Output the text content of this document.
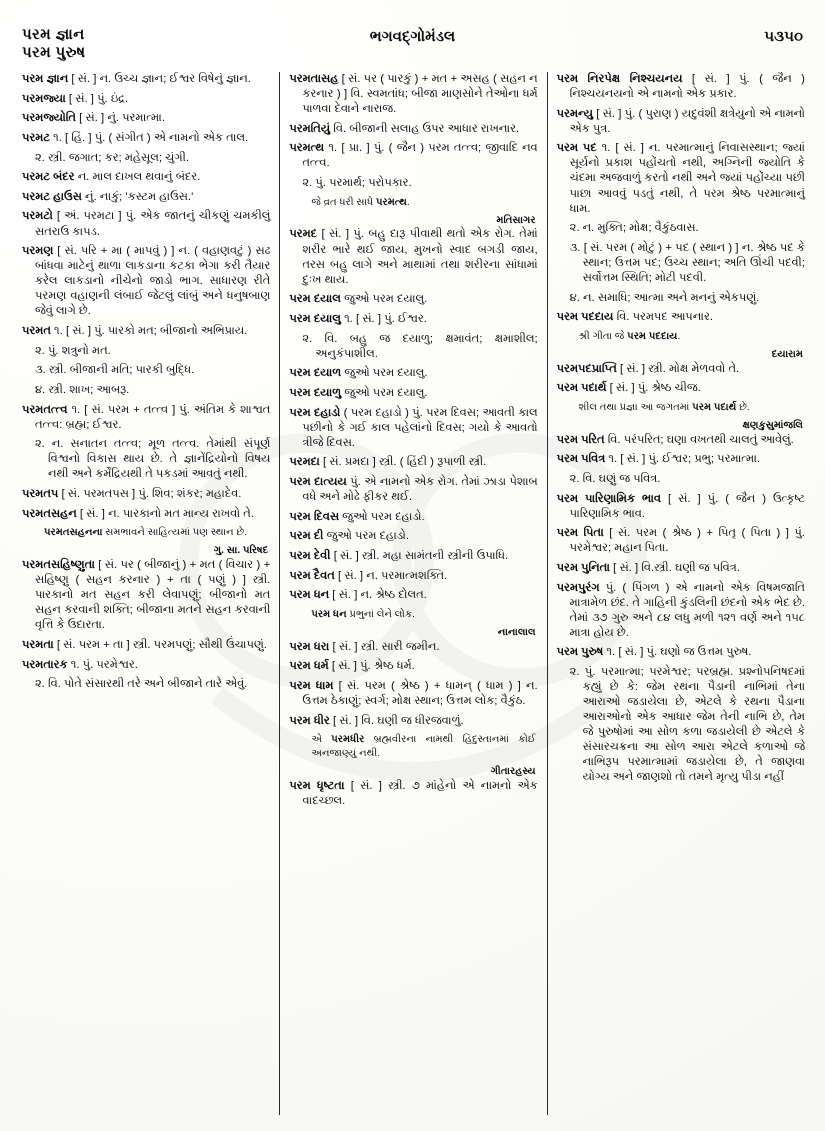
પરમ જ્ઞાન
પરમ પુરુષ
ભગવદ્ગોમંડલ	૫૩૫૦

પરમ જ્ઞાન [ સં. ] ન. ઉચ્ચ જ્ઞાન; ઈશ્વર વિષેનું જ્ઞાન.

પરમજ્યા [ સં. ] પું. ઇંદ્ર.

પરમજ્યોતિ [ સં. ] નું. પરમાત્મા.

પરમટ ૧. [ હિં. ] પું. ( સંગીત ) એ નામનો એક તાલ.

૨. સ્ત્રી. જગાત; કર; મહેસૂલ; ચુંગી.

પરમટ બંદર ન. માલ દાખલ થવાનું બંદર.

પરમટ હાઉસ નું. નાકું; 'કસ્ટમ હાઉસ.'

પરમટો [ અં. પરમટા ] પું. એક જાતનું ચીકણું ચમકીલું સતરાઉ કાપડ.

પરમણ [ સં. પરિ + મા ( માપવું ) ] ન. ( વહાણવટું ) સઢ બાંધવા માટેનું થાળા લાકડાના કટકા ભેગા કરી તૈયાર કરેલ લાકડાનો નીચેનો જાડો ભાગ. સાધારણ રીતે પરમણ વહાણની લંબાઈ જેટલું લાંબું અને ધનુષબાણ જેવું લાગે છે.

પરમત ૧. [ સં. ] પું. પારકો મત; બીજાનો અભિપ્રાય.

૨. પું. શત્રુનો મત.

૩. સ્ત્રી. બીજાની મતિ; પારકી બુદ્ધિ.

૪. સ્ત્રી. શાખ; આબરૂ.

પરમતત્ત્વ ૧. [ સં. પરમ + તત્ત્વ ] પું. અંતિમ કે શાશ્વત તત્ત્વ: બ્રહ્મ; ઈશ્વર.

૨. ન. સનાતન તત્ત્વ; મૂળ તત્ત્વ. તેમાંથી સંપૂર્ણ વિશ્વનો વિકાસ થાય છે. તે જ્ઞાનેંદ્રિયોનો વિષય નથી અને કર્મેંદ્રિયથી તે પકડમાં આવતું નથી.

પરમતપ [ સં. પરમતપસ ] પું. શિવ; શંકર; મહાદેવ.

પરમતસહન [ સં. ] ન. પારકાનો મત માન્ય રાખવો તે.

પરમતસહનના સમભાવને સાહિત્યમાં પણ સ્થાન છે.

ગુ. સા. પરિષદ

પરમતસહિષ્ણુતા [ સં. પર ( બીજાનું ) + મત ( વિચાર ) + સહિષ્ણુ ( સહન કરનાર ) + તા ( પણું ) ] સ્ત્રી. પારકાનો મત સહન કરી લેવાપણું; બીજાનો મત સહન કરવાની શક્તિ; બીજાના મતને સહન કરવાની વૃત્તિ કે ઉદારતા.

પરમતા [ સં. પરમ + તા ] સ્ત્રી. પરમપણું; સૌથી ઉંચાપણું.

પરમતારક ૧. પું. પરમેશ્વર.

૨. વિ. પોતે સંસારથી તરે અને બીજાને તારે એવું.

પરમતાસહ [ સં. પર ( પારકું ) + મત + અસહ ( સહન ન કરનાર ) ] વિ. સ્વમતાંધ; બીજા માણસોને તેઓના ધર્મ પાળવા દેવાને નારાજ.

પરમતિયું વિ. બીજાની સલાહ ઉપર આધાર રાખનાર.

પરમત્થ ૧. [ પ્રા. ] પું. ( જૈન ) પરમ તત્ત્વ; જીવાદિ નવ તત્ત્વ.

૨. પું. પરમાર્થ; પરોપકાર.

જે વ્રત ધરી સાધે પરમત્થ.

મતિસાગર

પરમદ [ સં. ] પું. બહુ દારૂ પીવાથી થતો એક રોગ. તેમાં શરીર ભારે થઈ જાય, મુખનો સ્વાદ બગડી જાય, તરસ બહુ લાગે અને માથામાં તથા શરીરના સાંધામાં દુઃખ થાય.

પરમ દયાલ જુઓ પરમ દયાલુ.

પરમ દયાલુ ૧. [ સં. ] પું. ઈશ્વર.

૨. વિ. બહુ જ દયાળુ; ક્ષમાવંત; ક્ષમાશીલ; અનુકંપાશીલ.

પરમ દયાળ જુઓ પરમ દયાલુ.

પરમ દયાળુ જુઓ પરમ દયાલુ.

પરમ દહાડો ( પરમ દહાડો ) પું. પરમ દિવસ; આવતી કાલ પછીનો કે ગઈ કાલ પહેલાંનો દિવસ; ગયો કે આવતો ત્રીજે દિવસ.

પરમદા [ સં. પ્રમદા ] સ્ત્રી. ( હિંદી ) રૂપાળી સ્ત્રી.

પરમ દાત્યય પું. એ નામનો એક રોગ. તેમાં ઝાડા પેશાબ વધે અને મોઢે ફીકર થઈ.

પરમ દિવસ જુઓ પરમ દહાડો.

પરમ દી જુઓ પરમ દહાડો.

પરમ દેવી [ સં. ] સ્ત્રી. મહા સામંતની સ્ત્રીની ઉપાધિ.

પરમ દૈવત [ સં. ] ન. પરમાત્મશક્તિ.

પરમ ધન [ સં. ] ન. શ્રેષ્ઠ દોલત.

પરમ ધન પ્રભુનાં લેને લોક.

નાનાલાલ

પરમ ધરા [ સં. ] સ્ત્રી. સારી જમીન.

પરમ ધર્મ [ સં. ] પું. શ્રેષ્ઠ ધર્મ.

પરમ ધામ [ સં. પરમ ( શ્રેષ્ઠ ) + ધામન્ ( ધામ ) ] ન. ઉત્તમ ઠેકાણું; સ્વર્ગ; મોક્ષ સ્થાન; ઉત્તમ લોક; વૈકુંઠ.

પરમ ધીર [ સં. ] વિ. ઘણી જ ધીરજવાળું.

એ પરમધીર બ્રહ્મવીરના નામથી હિંદુસ્તાનમાં કોઈ અનજાણ્યું નથી.

ગીતારહસ્ય

પરમ ધૃષ્ટતા [ સં. ] સ્ત્રી. ૭ માંહેનો એ નામનો એક વાદચ્છલ.

પરમ નિરપેક્ષ નિશ્ચયનય [ સં. ] પું. ( જૈન ) નિશ્ચયનયનો એ નામનો એક પ્રકાર.

પરમન્યુ [ સં. ] પું. ( પુરાણ ) યદુવંશી ક્ષત્રેયુનો એ નામનો એક પુત્ર.

પરમ પદ ૧. [ સં. ] ન. પરમાત્માનું નિવાસસ્થાન; જ્યાં સૂર્યનો પ્રકાશ પહોંચતો નથી, અગ્નિની જ્યોતિ કે ચંદમા અજવાળું કરતો નથી અને જ્યાં પહોંચ્યા પછી પાછા આવવું પડતું નથી, તે પરમ શ્રેષ્ઠ પરમાત્માનું ધામ.

૨. ન. મુક્તિ; મોક્ષ; વૈકુંઠવાસ.

૩. [ સં. પરમ ( મોટું ) + પદ ( સ્થાન ) ] ન. શ્રેષ્ઠ પદ કે સ્થાન; ઉત્તમ પદ; ઉચ્ચ સ્થાન; અતિ ઊંચી પદવી; સર્વોત્તમ સ્થિતિ; મોટી પદવી.

૪. ન. સમાધિ; આત્મા અને મનનું એકપણું.

પરમ પદદાય વિ. પરમપદ આપનાર.

શ્રી ગીતા જે પરમ પદદાય.

દયારામ

પરમપદપ્રાપ્તિ [ સં. ] સ્ત્રી. મોક્ષ મેળવવો તે.

પરમ પદાર્થ [ સં. ] પું. શ્રેષ્ઠ ચીજ.

શીલ તથા પ્રજ્ઞા આ જગતમાં પરમ પદાર્થ છે.

ક્ષણકુસુમાંજલિ

પરમ પરિત વિ. પરંપરિત; ઘણા વખતથી ચાલતું આવેલું.

પરમ પવિત્ર ૧. [ સં. ] પું. ઈશ્વર; પ્રભુ; પરમાત્મા.

૨. વિ. ઘણું જ પવિત્ર.

પરમ પારિણામિક ભાવ [ સં. ] પું. ( જૈન ) ઉત્કૃષ્ટ પારિણામિક ભાવ.

પરમ પિતા [ સં. પરમ ( શ્રેષ્ઠ ) + પિતૃ ( પિતા ) ] પું. પરમેશ્વર; મહાન પિતા.

પરમ પુનિતા [ સં. ] વિ.સ્ત્રી. ઘણી જ પવિત્ર.

પરમપુરંગ પું. ( પિંગળ ) એ નામનો એક વિષમજાતિ માત્રામેળ છંદ. તે ગાહિની કુંડલિની છંદનો એક ભેદ છે. તેમાં ૩૭ ગુરુ અને ૮૪ લધુ મળી ૧૨૧ વર્ણ અને ૧૫૮ માત્રા હોય છે.

પરમ પુરુષ ૧. [ સં. ] પું. ઘણો જ ઉત્તમ પુરુષ.

૨. પું. પરમાત્મા; પરમેશ્વર; પરબ્રહ્મ. પ્રશ્નોપનિષદમાં કહ્યું છે કે: જેમ રથના પૈડાની નાભિમાં તેના આરાઓ જડાયેલા છે, એટલે કે રથના પૈડાના આરાઓનો એક આધાર જેમ તેની નાભિ છે, તેમ જે પુરુષોમાં આ સોળ કળા જડાયેલી છે એટલે કે સંસારચક્રના આ સોળ આરા એટલે કળાઓ જે નાભિરૂપ પરમાત્મામાં જડાયેલા છે, તે જાણવા યોગ્ય અને જાણશો તો તમને મૃત્યુ પીડા નહીં
